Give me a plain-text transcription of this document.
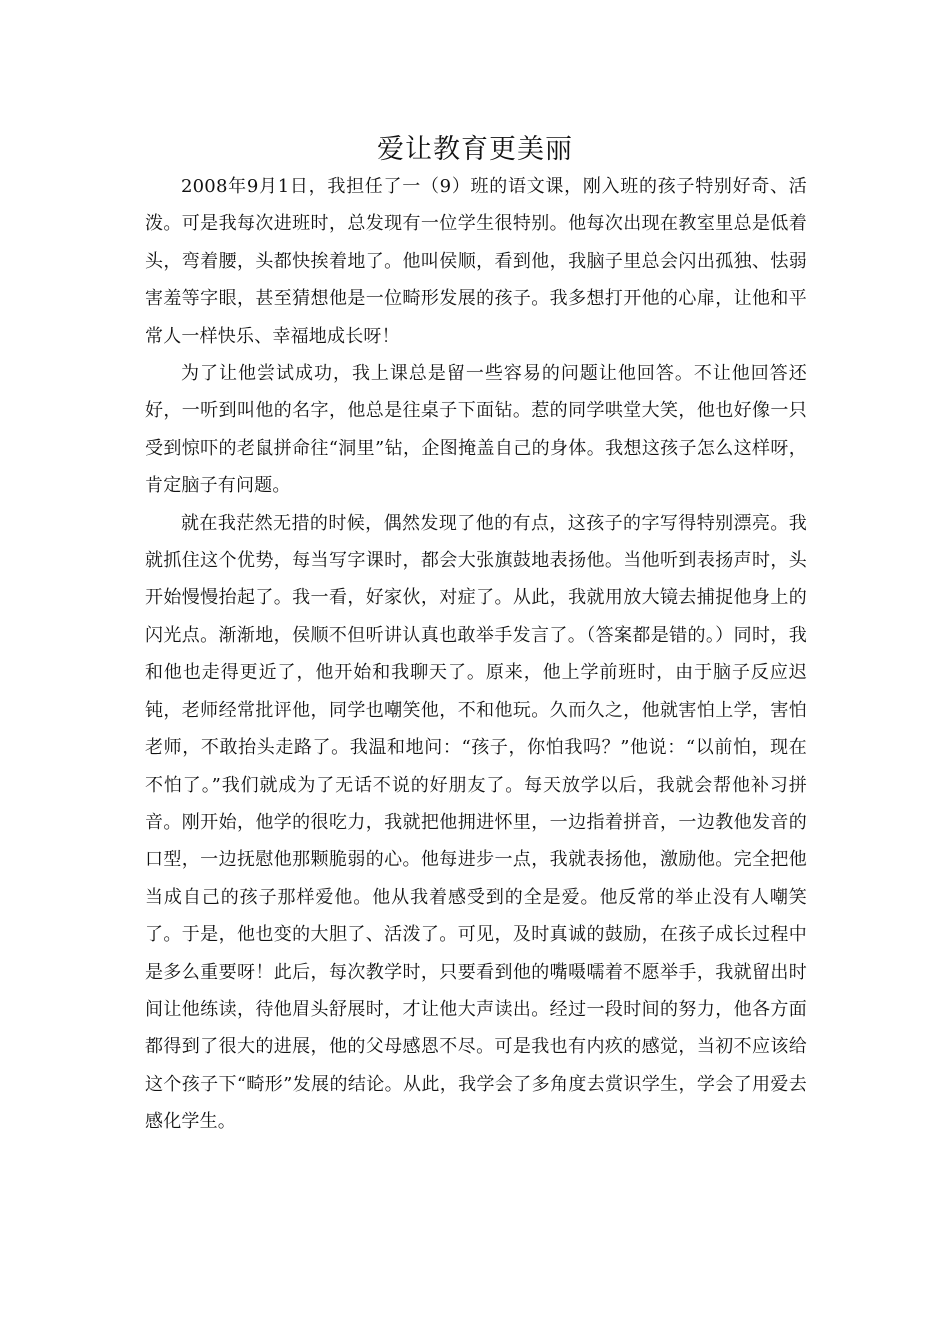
爱让教育更美丽

2008年9月1日，我担任了一（9）班的语文课，刚入班的孩子特别好奇、活泼。可是我每次进班时，总发现有一位学生很特别。他每次出现在教室里总是低着头，弯着腰，头都快挨着地了。他叫侯顺，看到他，我脑子里总会闪出孤独、怯弱害羞等字眼，甚至猜想他是一位畸形发展的孩子。我多想打开他的心扉，让他和平常人一样快乐、幸福地成长呀！

为了让他尝试成功，我上课总是留一些容易的问题让他回答。不让他回答还好，一听到叫他的名字，他总是往桌子下面钻。惹的同学哄堂大笑，他也好像一只受到惊吓的老鼠拼命往“洞里”钻，企图掩盖自己的身体。我想这孩子怎么这样呀，肯定脑子有问题。

就在我茫然无措的时候，偶然发现了他的有点，这孩子的字写得特别漂亮。我就抓住这个优势，每当写字课时，都会大张旗鼓地表扬他。当他听到表扬声时，头开始慢慢抬起了。我一看，好家伙，对症了。从此，我就用放大镜去捕捉他身上的闪光点。渐渐地，侯顺不但听讲认真也敢举手发言了。（答案都是错的。）同时，我和他也走得更近了，他开始和我聊天了。原来，他上学前班时，由于脑子反应迟钝，老师经常批评他，同学也嘲笑他，不和他玩。久而久之，他就害怕上学，害怕老师，不敢抬头走路了。我温和地问：“孩子，你怕我吗？”他说：“以前怕，现在不怕了。”我们就成为了无话不说的好朋友了。每天放学以后，我就会帮他补习拼音。刚开始，他学的很吃力，我就把他拥进怀里，一边指着拼音，一边教他发音的口型，一边抚慰他那颗脆弱的心。他每进步一点，我就表扬他，激励他。完全把他当成自己的孩子那样爱他。他从我着感受到的全是爱。他反常的举止没有人嘲笑了。于是，他也变的大胆了、活泼了。可见，及时真诚的鼓励，在孩子成长过程中是多么重要呀！此后，每次教学时，只要看到他的嘴嗫嚅着不愿举手，我就留出时间让他练读，待他眉头舒展时，才让他大声读出。经过一段时间的努力，他各方面都得到了很大的进展，他的父母感恩不尽。可是我也有内疚的感觉，当初不应该给这个孩子下“畸形”发展的结论。从此，我学会了多角度去赏识学生，学会了用爱去感化学生。
